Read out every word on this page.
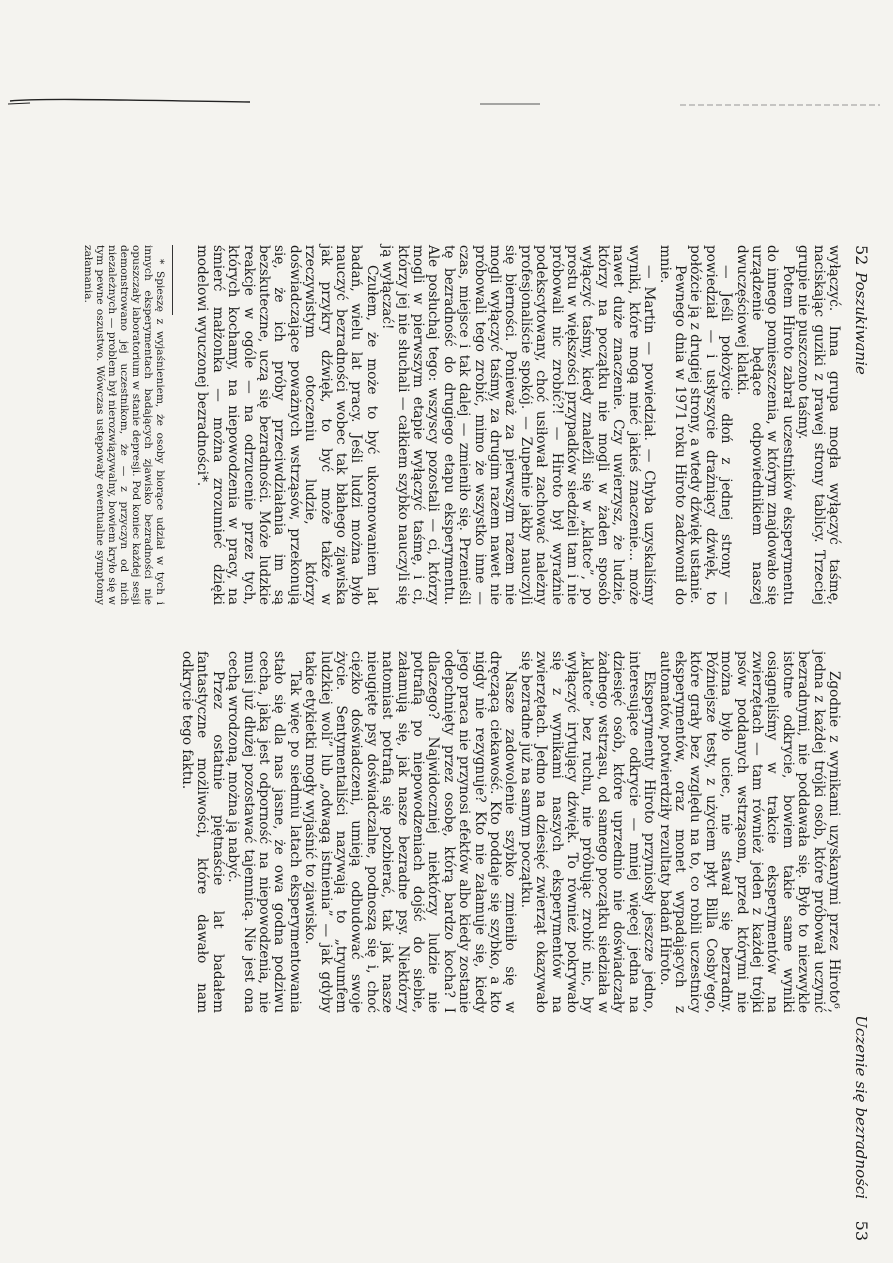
52
Poszukiwanie

wyłączyć. Inna grupa mogła wyłączyć taśmę, naciskając guziki z prawej strony tablicy. Trzeciej grupie nie puszczono taśmy.

Potem Hiroto zabrał uczestników eksperymentu do innego pomieszczenia, w którym znajdowało się urządzenie będące odpowiednikiem naszej dwuczęściowej klatki.

— Jeśli położycie dłoń z jednej strony — powiedział — i usłyszycie drażniący dźwięk, to połóżcie ją z drugiej strony, a wtedy dźwięk ustanie.

Pewnego dnia w 1971 roku Hiroto zadzwonił do mnie.

— Martin — powiedział. — Chyba uzyskaliśmy wyniki, które mogą mieć jakieś znaczenie... może nawet duże znaczenie. Czy uwierzysz, że ludzie, którzy na początku nie mogli w żaden sposób wyłączyć taśmy, kiedy znaleźli się w „klatce”, po prostu w większości przypadków siedzieli tam i nie próbowali nic zrobić?! — Hiroto był wyraźnie podekscytowany, choć usiłował zachować należny profesjonaliście spokój. — Zupełnie jakby nauczyli się bierności. Ponieważ za pierwszym razem nie mogli wyłączyć taśmy, za drugim razem nawet nie próbowali tego zrobić, mimo że wszystko inne — czas, miejsce i tak dalej — zmieniło się. Przenieśli tę bezradność do drugiego etapu eksperymentu. Ale posłuchaj tego: wszyscy pozostali — ci, którzy mogli w pierwszym etapie wyłączyć taśmę, i ci, którzy jej nie słuchali — całkiem szybko nauczyli się ją wyłączać!

Czułem, że może to być ukoronowaniem lat badań, wielu lat pracy. Jeśli ludzi można było nauczyć bezradności wobec tak błahego zjawiska jak przykry dźwięk, to być może także w rzeczywistym otoczeniu ludzie, którzy doświadczające poważnych wstrząsów, przekonują się, że ich próby przeciwdziałania im są bezskuteczne, uczą się bezradności. Może ludzkie reakcje w ogóle — na odrzucenie przez tych, których kochamy, na niepowodzenia w pracy, na śmierć małżonka — można zrozumieć dzięki modelowi wyuczonej bezradności*.

* Spieszę z wyjaśnieniem, że osoby biorące udział w tych i innych eksperymentach badających zjawisko bezradności nie opuszczały laboratorium w stanie depresji. Pod koniec każdej sesji demonstrowano jej uczestnikom, że — z przyczyn od nich niezależnych — problem był nierozwiązywalny, bowiem kryło się w tym pewne oszustwo. Wówczas ustępowały ewentualne symptomy załamania.

Uczenie się bezradności
53

Zgodnie z wynikami uzyskanymi przez Hiroto⁶, jedna z każdej trójki osób, które próbował uczynić bezradnymi, nie poddawała się. Było to niezwykle istotne odkrycie, bowiem takie same wyniki osiągnęliśmy w trakcie eksperymentów na zwierzętach — tam również jeden z każdej trójki psów poddanych wstrząsom, przed którymi nie można było uciec, nie stawał się bezradny. Późniejsze testy, z użyciem płyt Billa Cosby'ego, które grały bez względu na to, co robili uczestnicy eksperymentów, oraz monet wypadających z automatów, potwierdziły rezultaty badań Hiroto.

Eksperymenty Hiroto przyniosły jeszcze jedno, interesujące odkrycie — mniej więcej jedna na dziesięć osób, które uprzednio nie doświadczały żadnego wstrząsu, od samego początku siedziała w „klatce” bez ruchu, nie próbując zrobić nic, by wyłączyć irytujący dźwięk. To również pokrywało się z wynikami naszych eksperymentów na zwierzętach. Jedno na dziesięć zwierząt okazywało się bezradne już na samym początku.

Nasze zadowolenie szybko zmieniło się w dręczącą ciekawość. Kto poddaje się szybko, a kto nigdy nie rezygnuje? Kto nie załamuje się, kiedy jego praca nie przynosi efektów albo kiedy zostanie odepchnięty przez osobę, którą bardzo kocha? I dlaczego? Najwidoczniej niektórzy ludzie nie potrafią po niepowodzeniach dojść do siebie, załamują się, jak nasze bezradne psy. Niektórzy natomiast potrafią się pozbierać, tak jak nasze nieugięte psy doświadczalne, podnoszą się i, choć ciężko doświadczeni, umieją odbudować swoje życie. Sentymentaliści nazywają to „tryumfem ludzkiej woli” lub „odwagą istnienia” — jak gdyby takie etykietki mogły wyjaśnić to zjawisko.

Tak więc po siedmiu latach eksperymentowania stało się dla nas jasne, że owa godna podziwu cecha, jaką jest odporność na niepowodzenia, nie musi już dłużej pozostawać tajemnicą. Nie jest ona cechą wrodzoną, można ją nabyć.

Przez ostatnie piętnaście lat badałem fantastyczne możliwości, które dawało nam odkrycie tego faktu.
